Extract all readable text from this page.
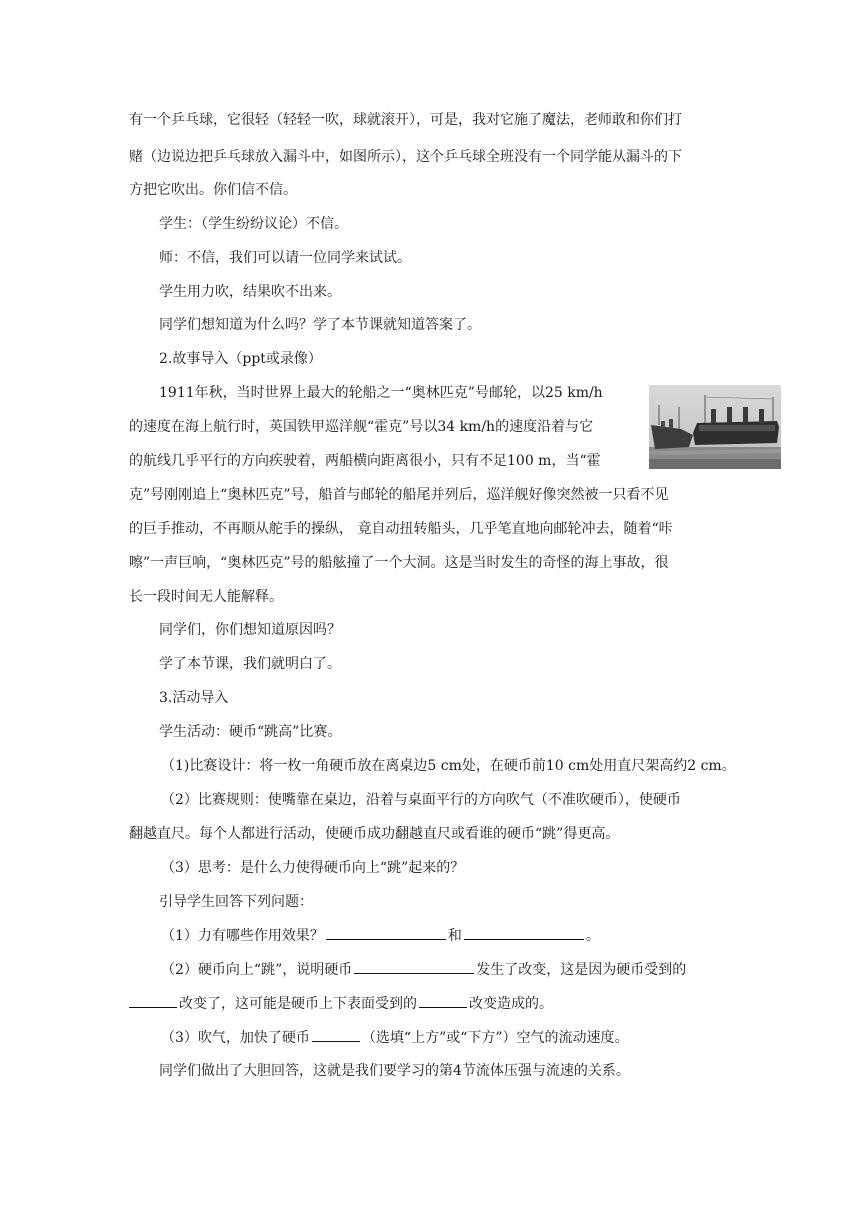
有一个乒乓球，它很轻（轻轻一吹，球就滚开），可是，我对它施了魔法，老师敢和你们打
赌（边说边把乒乓球放入漏斗中，如图所示），这个乒乓球全班没有一个同学能从漏斗的下
方把它吹出。你们信不信。
学生：（学生纷纷议论）不信。
师：不信，我们可以请一位同学来试试。
学生用力吹，结果吹不出来。
同学们想知道为什么吗？学了本节课就知道答案了。
2.故事导入（ppt或录像）
1911年秋，当时世界上最大的轮船之一“奥林匹克”号邮轮，以25 km/h
的速度在海上航行时，英国铁甲巡洋舰“霍克”号以34 km/h的速度沿着与它
的航线几乎平行的方向疾驶着，两船横向距离很小，只有不足100 m，当“霍
克”号刚刚追上“奥林匹克”号，船首与邮轮的船尾并列后，巡洋舰好像突然被一只看不见
的巨手推动，不再顺从舵手的操纵， 竟自动扭转船头，几乎笔直地向邮轮冲去，随着“咔
嚓”一声巨响，“奥林匹克”号的船舷撞了一个大洞。这是当时发生的奇怪的海上事故，很
长一段时间无人能解释。
同学们，你们想知道原因吗？
学了本节课，我们就明白了。
3.活动导入
学生活动：硬币“跳高”比赛。
（1)比赛设计：将一枚一角硬币放在离桌边5 cm处，在硬币前10 cm处用直尺架高约2 cm。
（2）比赛规则：使嘴靠在桌边，沿着与桌面平行的方向吹气（不准吹硬币），使硬币
翻越直尺。每个人都进行活动，使硬币成功翻越直尺或看谁的硬币“跳”得更高。
（3）思考：是什么力使得硬币向上“跳”起来的？
引导学生回答下列问题：
（1）力有哪些作用效果？	和	。
（2）硬币向上“跳”，说明硬币	发生了改变，这是因为硬币受到的
改变了，这可能是硬币上下表面受到的	改变造成的。
（3）吹气，加快了硬币	（选填“上方”或“下方”）空气的流动速度。
同学们做出了大胆回答，这就是我们要学习的第4节流体压强与流速的关系。
